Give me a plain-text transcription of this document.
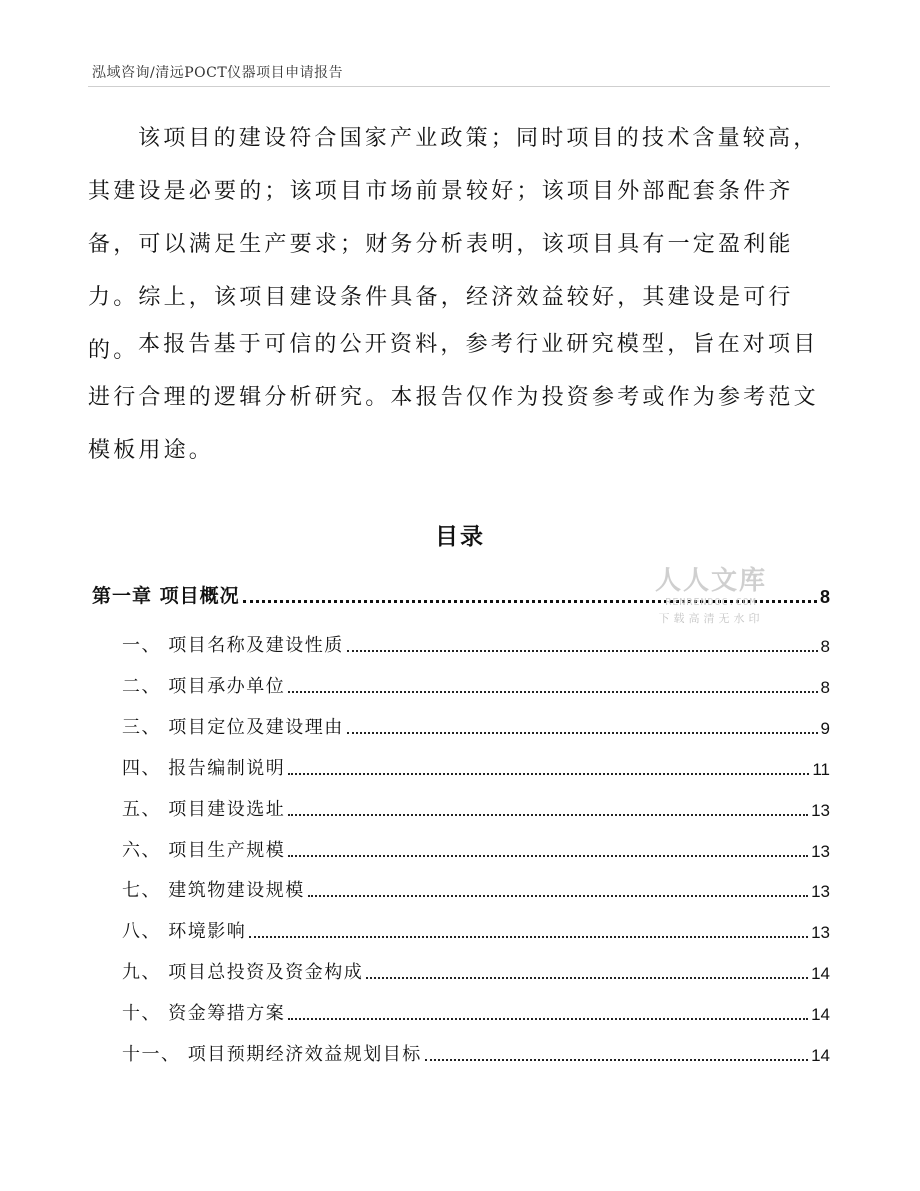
泓域咨询/清远POCT仪器项目申请报告

该项目的建设符合国家产业政策；同时项目的技术含量较高，其建设是必要的；该项目市场前景较好；该项目外部配套条件齐备，可以满足生产要求；财务分析表明，该项目具有一定盈利能力。综上，该项目建设条件具备，经济效益较好，其建设是可行的。 本报告基于可信的公开资料，参考行业研究模型，旨在对项目进行合理的逻辑分析研究。本报告仅作为投资参考或作为参考范文模板用途。

目录
第一章 项目概况	8
一、 项目名称及建设性质	8
二、 项目承办单位	8
三、 项目定位及建设理由	9
四、 报告编制说明	11
五、 项目建设选址	13
六、 项目生产规模	13
七、 建筑物建设规模	13
八、 环境影响	13
九、 项目总投资及资金构成	14
十、 资金筹措方案	14
十一、 项目预期经济效益规划目标	14
人人文库
RENRENDOC.COM
下载高清无水印
